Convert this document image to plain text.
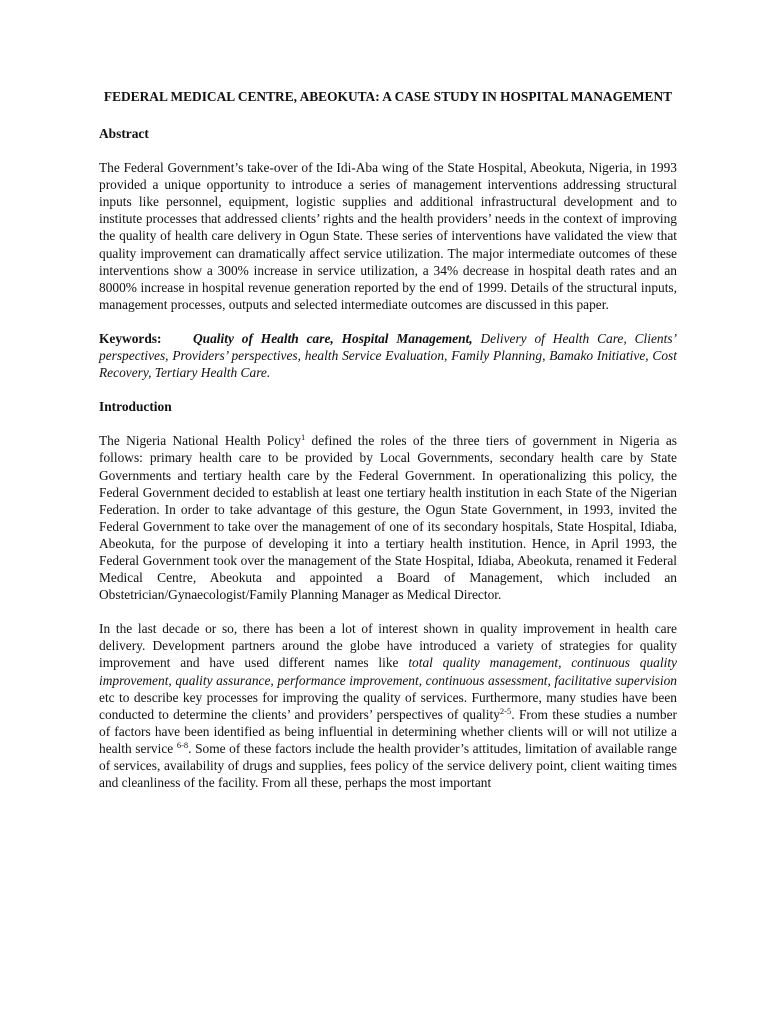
FEDERAL MEDICAL CENTRE, ABEOKUTA: A CASE STUDY IN HOSPITAL MANAGEMENT
Abstract

The Federal Government’s take-over of the Idi-Aba wing of the State Hospital, Abeokuta, Nigeria, in 1993 provided a unique opportunity to introduce a series of management interventions addressing structural inputs like personnel, equipment, logistic supplies and additional infrastructural development and to institute processes that addressed clients’ rights and the health providers’ needs in the context of improving the quality of health care delivery in Ogun State. These series of interventions have validated the view that quality improvement can dramatically affect service utilization. The major intermediate outcomes of these interventions show a 300% increase in service utilization, a 34% decrease in hospital death rates and an 8000% increase in hospital revenue generation reported by the end of 1999. Details of the structural inputs, management processes, outputs and selected intermediate outcomes are discussed in this paper.

Keywords: Quality of Health care, Hospital Management, Delivery of Health Care, Clients’ perspectives, Providers’ perspectives, health Service Evaluation, Family Planning, Bamako Initiative, Cost Recovery, Tertiary Health Care.

Introduction

The Nigeria National Health Policy$^1$ defined the roles of the three tiers of government in Nigeria as follows: primary health care to be provided by Local Governments, secondary health care by State Governments and tertiary health care by the Federal Government. In operationalizing this policy, the Federal Government decided to establish at least one tertiary health institution in each State of the Nigerian Federation. In order to take advantage of this gesture, the Ogun State Government, in 1993, invited the Federal Government to take over the management of one of its secondary hospitals, State Hospital, Idiaba, Abeokuta, for the purpose of developing it into a tertiary health institution. Hence, in April 1993, the Federal Government took over the management of the State Hospital, Idiaba, Abeokuta, renamed it Federal Medical Centre, Abeokuta and appointed a Board of Management, which included an Obstetrician/Gynaecologist/Family Planning Manager as Medical Director.

In the last decade or so, there has been a lot of interest shown in quality improvement in health care delivery. Development partners around the globe have introduced a variety of strategies for quality improvement and have used different names like total quality management, continuous quality improvement, quality assurance, performance improvement, continuous assessment, facilitative supervision etc to describe key processes for improving the quality of services. Furthermore, many studies have been conducted to determine the clients’ and providers’ perspectives of quality$^{2-5}$. From these studies a number of factors have been identified as being influential in determining whether clients will or will not utilize a health service $^{6-8}$. Some of these factors include the health provider’s attitudes, limitation of available range of services, availability of drugs and supplies, fees policy of the service delivery point, client waiting times and cleanliness of the facility. From all these, perhaps the most important
